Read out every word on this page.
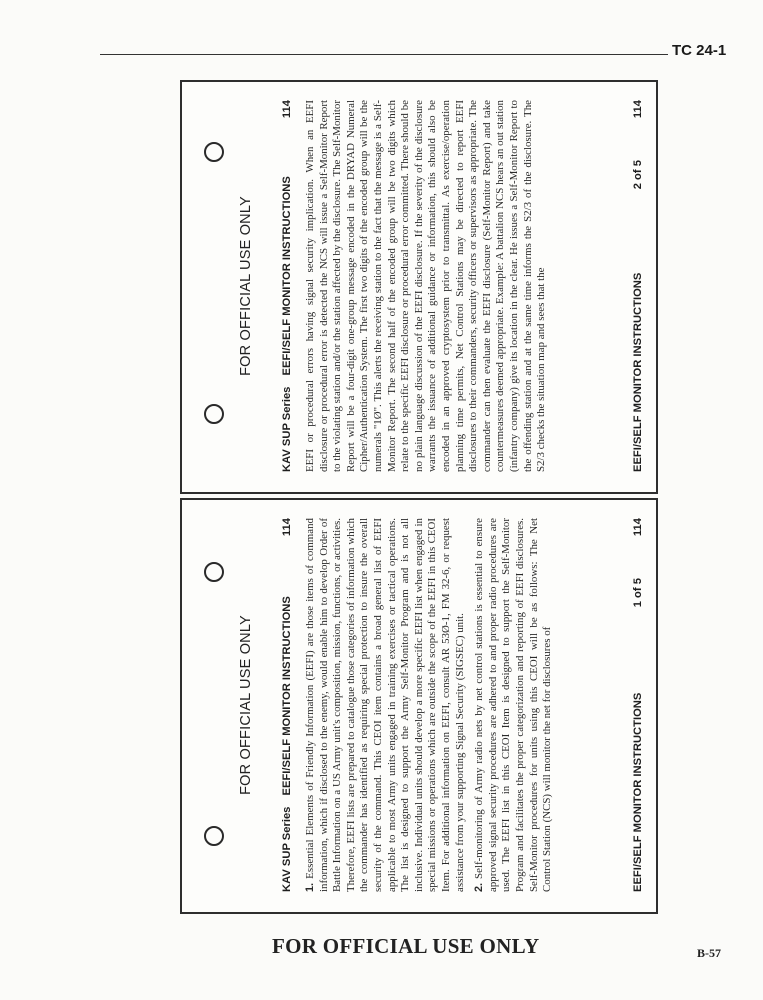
TC 24-1
FOR OFFICIAL USE ONLY
KAV SUP Series EEFI/SELF MONITOR INSTRUCTIONS
114 EEFI or procedural errors having signal security implication. When an EEFI disclosure or procedural error is detected the NCS will issue a Self-Monitor Report to the violating station and/or the station affected by the disclosure. The Self-Monitor Report will be a four-digit one-group message encoded in the DRYAD Numeral Cipher/Authentication System. The first two digits of the encoded group will be the numerals "1Ø". This alerts the receiving station to the fact that the message is a Self-Monitor Report. The second half of the encoded group will be two digits which relate to the specific EEFI disclosure or procedural error committed. There should be no plain language discussion of the EEFI disclosure. If the severity of the disclosure warrants the issuance of additional guidance or information, this should also be encoded in an approved cryptosystem prior to transmittal. As exercise/operation planning time permits, Net Control Stations may be directed to report EEFI disclosures to their commanders, security officers or supervisors as appropriate. The commander can then evaluate the EEFI disclosure (Self-Monitor Report) and take countermeasures deemed appropriate. Example: A battalion NCS hears an out station (infantry company) give its location in the clear. He issues a Self-Monitor Report to the offending station and at the same time informs the S2/3 of the disclosure. The S2/3 checks the situation map and sees that the	EEFI/SELF MONITOR INSTRUCTIONS
2 of 5
114
FOR OFFICIAL USE ONLY
KAV SUP Series EEFI/SELF MONITOR INSTRUCTIONS
114

1. Essential Elements of Friendly Information (EEFI) are those items of command information, which if disclosed to the enemy, would enable him to develop Order of Battle Information on a US Army unit's composition, mission, functions, or activities. Therefore, EEFI lists are prepared to catalogue those categories of information which the commander has identified as requiring special protection to insure the overall security of the command. This CEOI item contains a broad general list of EEFI applicable to most Army units engaged in training exercises or tactical operations. The list is designed to support the Army Self-Monitor Program and is not all inclusive. Individual units should develop a more specific EEFI list when engaged in special missions or operations which are outside the scope of the EEFI in this CEOI Item. For additional information on EEFI, consult AR 53Ø-1, FM 32-6, or request assistance from your supporting Signal Security (SIGSEC) unit. 2. Self-monitoring of Army radio nets by net control stations is essential to ensure approved signal security procedures are adhered to and proper radio procedures are used. The EEFI list in this CEOI Item is designed to support the Self-Monitor Program and facilitates the proper categorization and reporting of EEFI disclosures. Self-Monitor procedures for units using this CEOI will be as follows: The Net Control Station (NCS) will monitor the net for disclosures of	EEFI/SELF MONITOR INSTRUCTIONS
1 of 5
114
FOR OFFICIAL USE ONLY	B-57
